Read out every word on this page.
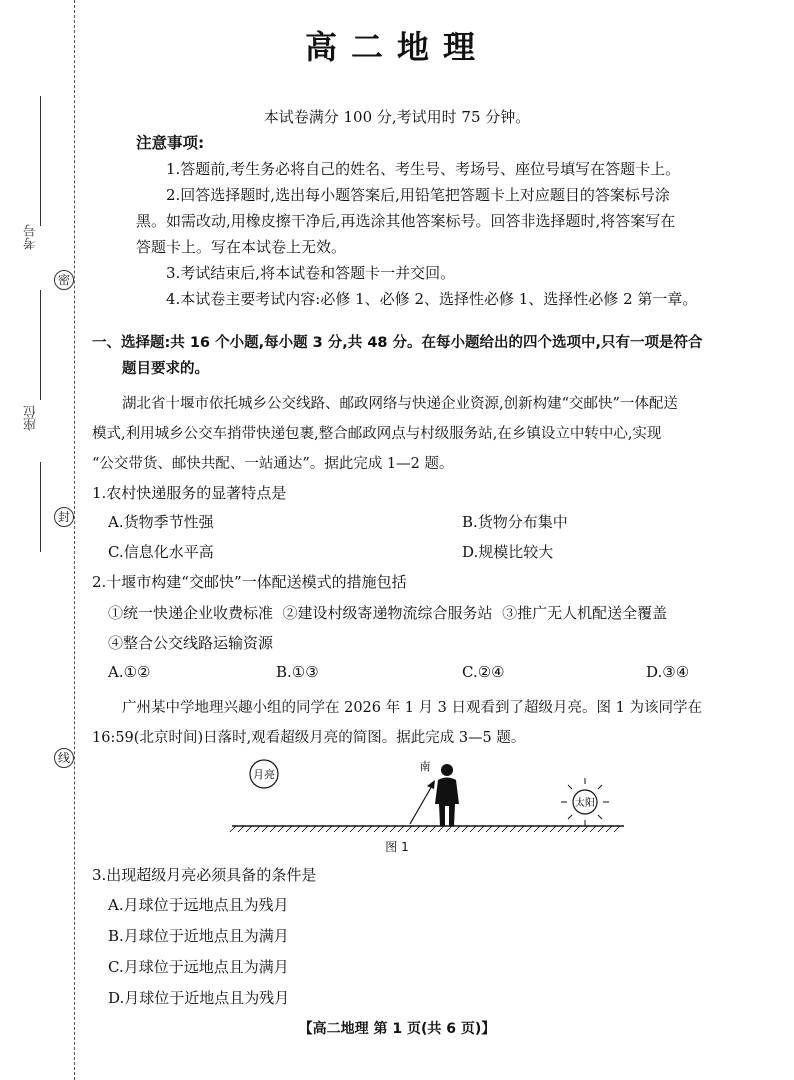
考号
座位
密
封
线
高二地理
本试卷满分 100 分,考试用时 75 分钟。
注意事项:
1.答题前,考生务必将自己的姓名、考生号、考场号、座位号填写在答题卡上。
2.回答选择题时,选出每小题答案后,用铅笔把答题卡上对应题目的答案标号涂
黑。如需改动,用橡皮擦干净后,再选涂其他答案标号。回答非选择题时,将答案写在
答题卡上。写在本试卷上无效。
3.考试结束后,将本试卷和答题卡一并交回。
4.本试卷主要考试内容:必修 1、必修 2、选择性必修 1、选择性必修 2 第一章。
一、选择题:共 16 个小题,每小题 3 分,共 48 分。在每小题给出的四个选项中,只有一项是符合
题目要求的。
湖北省十堰市依托城乡公交线路、邮政网络与快递企业资源,创新构建“交邮快”一体配送
模式,利用城乡公交车捎带快递包裹,整合邮政网点与村级服务站,在乡镇设立中转中心,实现
“公交带货、邮快共配、一站通达”。据此完成 1—2 题。
1.农村快递服务的显著特点是
A.货物季节性强	B.货物分布集中
C.信息化水平高	D.规模比较大
2.十堰市构建“交邮快”一体配送模式的措施包括
①统一快递企业收费标准  ②建设村级寄递物流综合服务站  ③推广无人机配送全覆盖
④整合公交线路运输资源
A.①②	B.①③	C.②④	D.③④
广州某中学地理兴趣小组的同学在 2026 年 1 月 3 日观看到了超级月亮。图 1 为该同学在
16:59(北京时间)日落时,观看超级月亮的简图。据此完成 3—5 题。
月亮
南
太阳
图 1
3.出现超级月亮必须具备的条件是
A.月球位于远地点且为残月
B.月球位于近地点且为满月
C.月球位于远地点且为满月
D.月球位于近地点且为残月
【高二地理 第 1 页(共 6 页)】
